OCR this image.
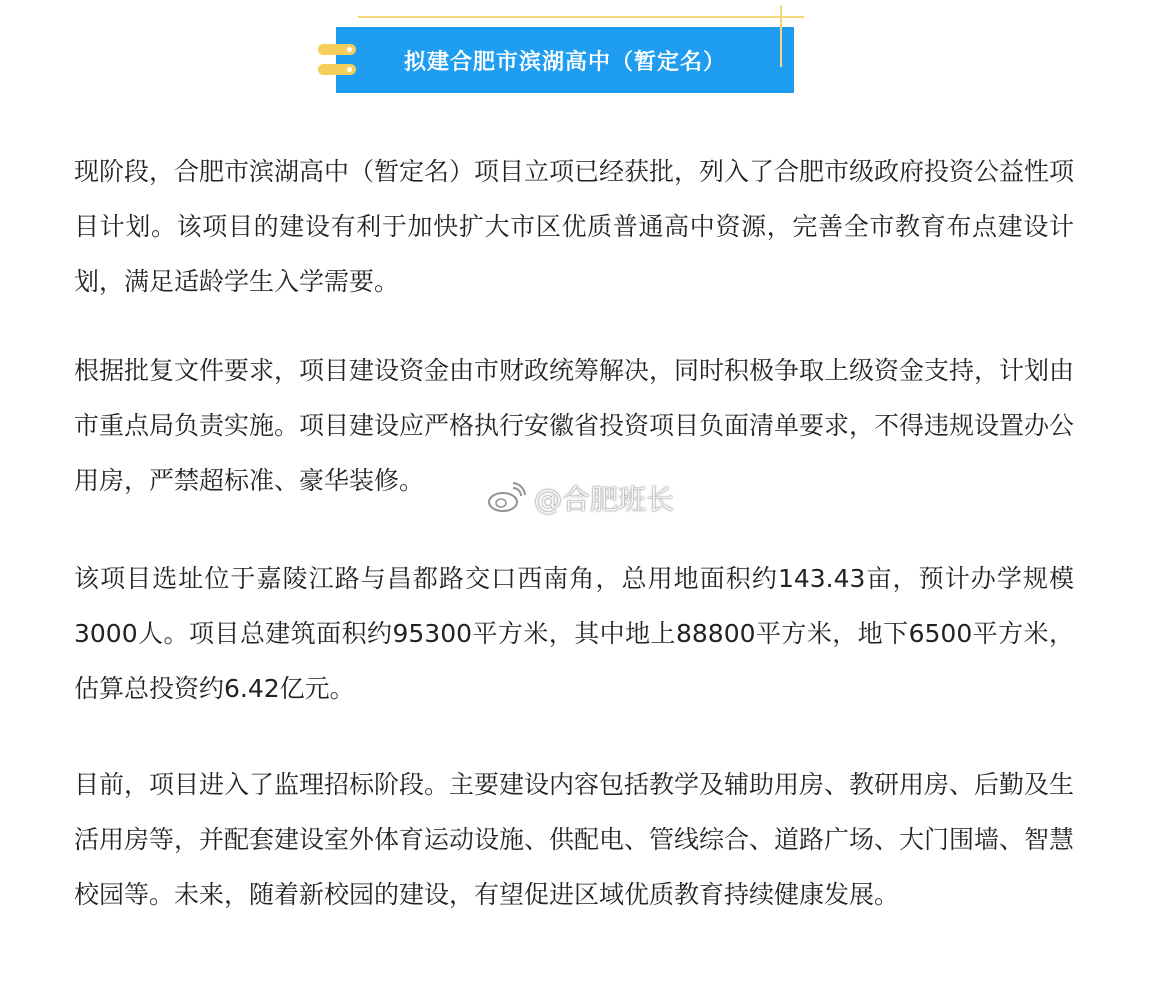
拟建合肥市滨湖高中（暂定名）

现阶段，合肥市滨湖高中（暂定名）项目立项已经获批，列入了合肥市级政府投资公益性项目计划。该项目的建设有利于加快扩大市区优质普通高中资源，完善全市教育布点建设计划，满足适龄学生入学需要。

根据批复文件要求，项目建设资金由市财政统筹解决，同时积极争取上级资金支持，计划由市重点局负责实施。项目建设应严格执行安徽省投资项目负面清单要求，不得违规设置办公用房，严禁超标准、豪华装修。

该项目选址位于嘉陵江路与昌都路交口西南角，总用地面积约143.43亩，预计办学规模3000人。项目总建筑面积约95300平方米，其中地上88800平方米，地下6500平方米，估算总投资约6.42亿元。

目前，项目进入了监理招标阶段。主要建设内容包括教学及辅助用房、教研用房、后勤及生活用房等，并配套建设室外体育运动设施、供配电、管线综合、道路广场、大门围墙、智慧校园等。未来，随着新校园的建设，有望促进区域优质教育持续健康发展。

@合肥班长
